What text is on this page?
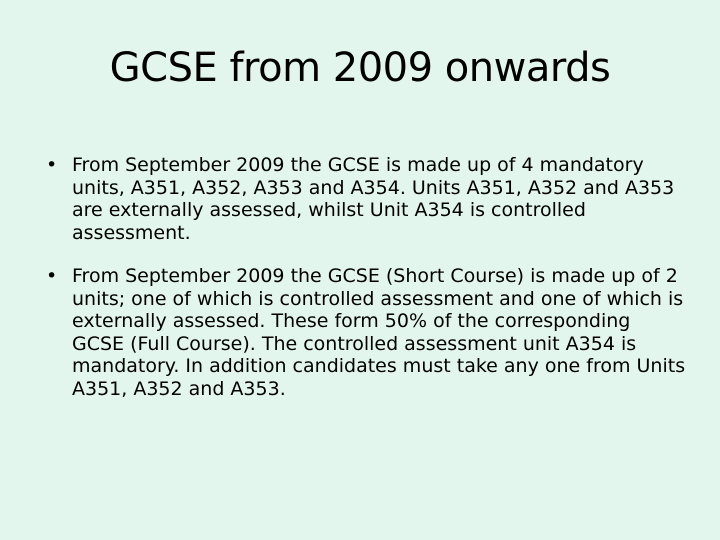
GCSE from 2009 onwards
• From September 2009 the GCSE is made up of 4 mandatory units, A351, A352, A353 and A354. Units A351, A352 and A353 are externally assessed, whilst Unit A354 is controlled assessment.
• From September 2009 the GCSE (Short Course) is made up of 2 units; one of which is controlled assessment and one of which is externally assessed. These form 50% of the corresponding GCSE (Full Course). The controlled assessment unit A354 is mandatory. In addition candidates must take any one from Units A351, A352 and A353.
